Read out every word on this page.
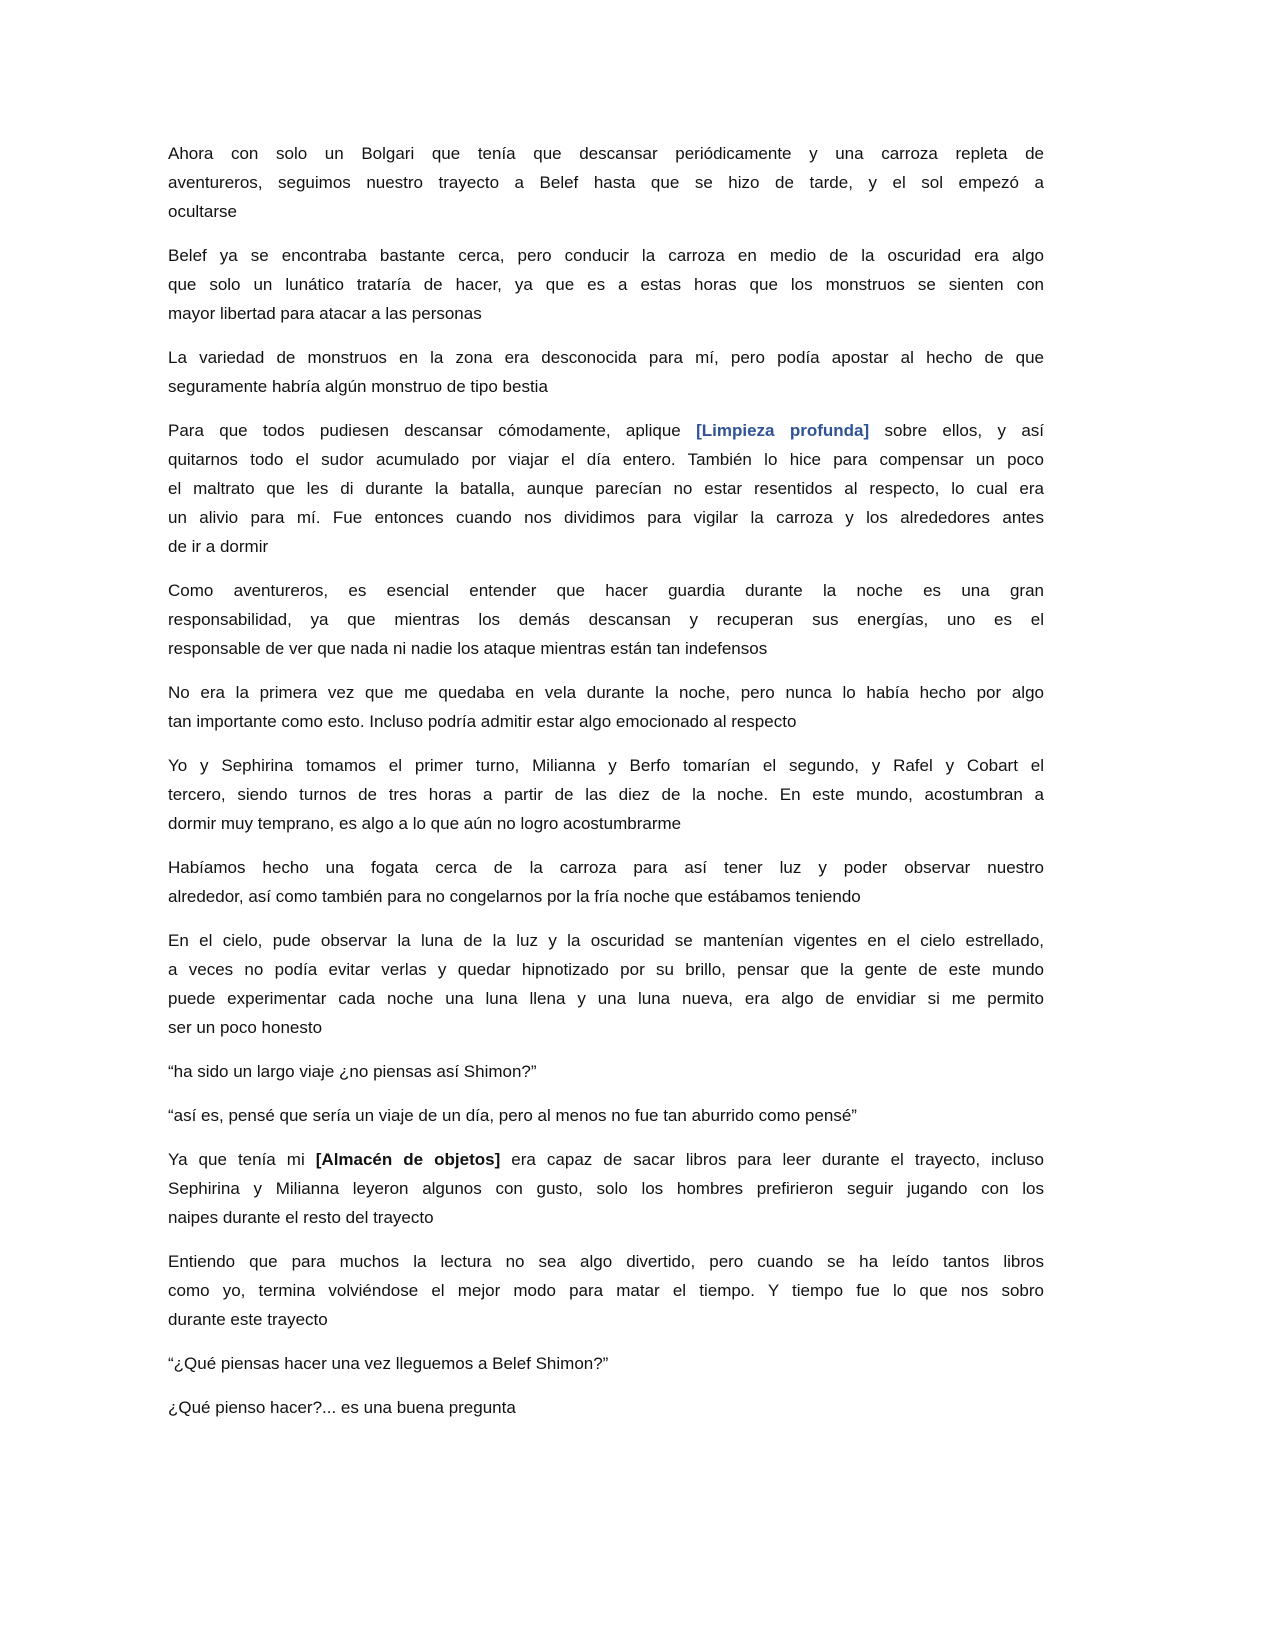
Ahora con solo un Bolgari que tenía que descansar periódicamente y una carroza repleta de
aventureros, seguimos nuestro trayecto a Belef hasta que se hizo de tarde, y el sol empezó a
ocultarse
Belef ya se encontraba bastante cerca, pero conducir la carroza en medio de la oscuridad era algo
que solo un lunático trataría de hacer, ya que es a estas horas que los monstruos se sienten con
mayor libertad para atacar a las personas
La variedad de monstruos en la zona era desconocida para mí, pero podía apostar al hecho de que
seguramente habría algún monstruo de tipo bestia
Para que todos pudiesen descansar cómodamente, aplique [Limpieza profunda] sobre ellos, y así
quitarnos todo el sudor acumulado por viajar el día entero. También lo hice para compensar un poco
el maltrato que les di durante la batalla, aunque parecían no estar resentidos al respecto, lo cual era
un alivio para mí. Fue entonces cuando nos dividimos para vigilar la carroza y los alrededores antes
de ir a dormir
Como aventureros, es esencial entender que hacer guardia durante la noche es una gran
responsabilidad, ya que mientras los demás descansan y recuperan sus energías, uno es el
responsable de ver que nada ni nadie los ataque mientras están tan indefensos
No era la primera vez que me quedaba en vela durante la noche, pero nunca lo había hecho por algo
tan importante como esto. Incluso podría admitir estar algo emocionado al respecto
Yo y Sephirina tomamos el primer turno, Milianna y Berfo tomarían el segundo, y Rafel y Cobart el
tercero, siendo turnos de tres horas a partir de las diez de la noche. En este mundo, acostumbran a
dormir muy temprano, es algo a lo que aún no logro acostumbrarme
Habíamos hecho una fogata cerca de la carroza para así tener luz y poder observar nuestro
alrededor, así como también para no congelarnos por la fría noche que estábamos teniendo
En el cielo, pude observar la luna de la luz y la oscuridad se mantenían vigentes en el cielo estrellado,
a veces no podía evitar verlas y quedar hipnotizado por su brillo, pensar que la gente de este mundo
puede experimentar cada noche una luna llena y una luna nueva, era algo de envidiar si me permito
ser un poco honesto
“ha sido un largo viaje ¿no piensas así Shimon?”
“así es, pensé que sería un viaje de un día, pero al menos no fue tan aburrido como pensé”
Ya que tenía mi [Almacén de objetos] era capaz de sacar libros para leer durante el trayecto, incluso
Sephirina y Milianna leyeron algunos con gusto, solo los hombres prefirieron seguir jugando con los
naipes durante el resto del trayecto
Entiendo que para muchos la lectura no sea algo divertido, pero cuando se ha leído tantos libros
como yo, termina volviéndose el mejor modo para matar el tiempo. Y tiempo fue lo que nos sobro
durante este trayecto
“¿Qué piensas hacer una vez lleguemos a Belef Shimon?”
¿Qué pienso hacer?... es una buena pregunta
